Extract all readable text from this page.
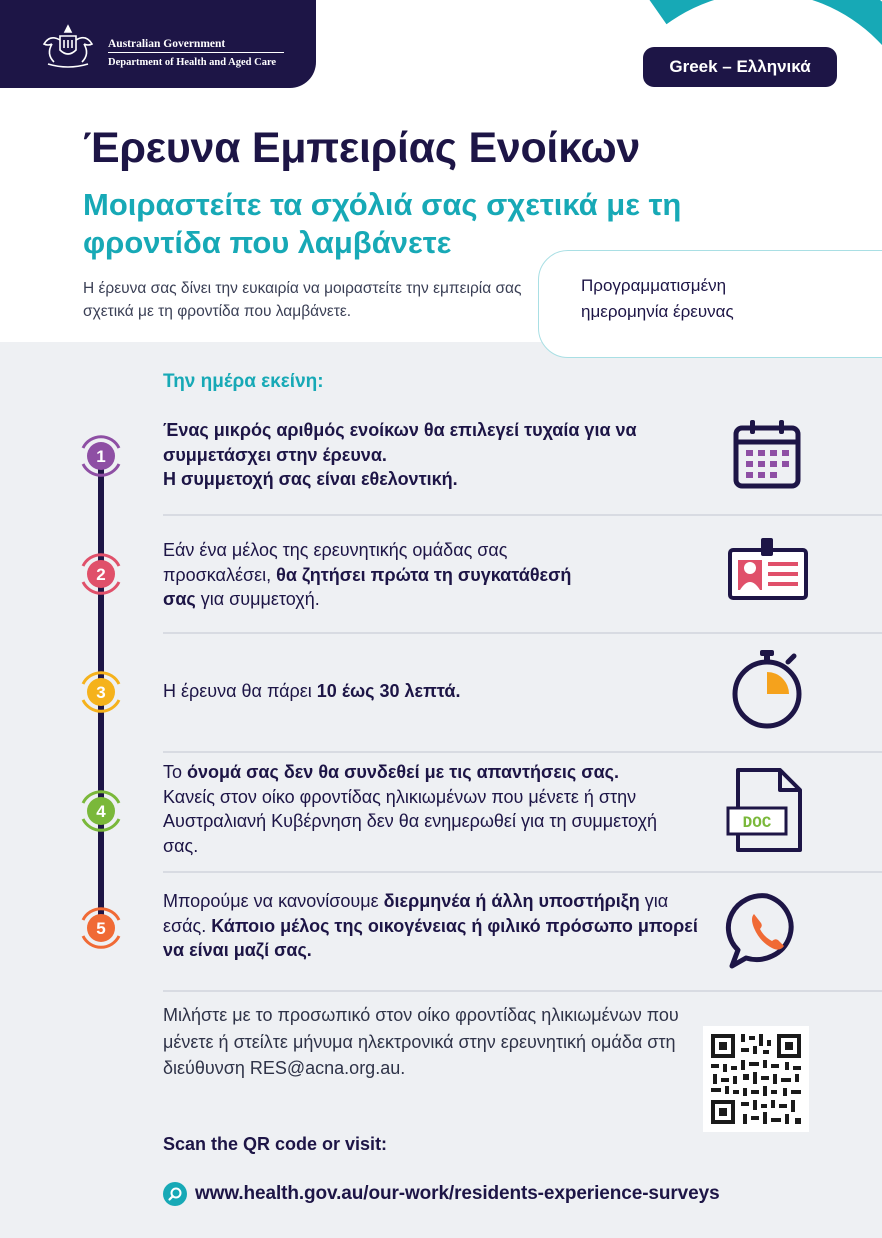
Australian Government
Department of Health and Aged Care	Greek – Ελληνικά
Έρευνα Εμπειρίας Ενοίκων
Μοιραστείτε τα σχόλιά σας σχετικά με τη φροντίδα που λαμβάνετε
Η έρευνα σας δίνει την ευκαιρία να μοιραστείτε την εμπειρία σας σχετικά με τη φροντίδα που λαμβάνετε.
Προγραμματισμένη ημερομηνία έρευνας
Την ημέρα εκείνη:
1
Ένας μικρός αριθμός ενοίκων θα επιλεγεί τυχαία για να συμμετάσχει στην έρευνα.
Η συμμετοχή σας είναι εθελοντική.
2
Εάν ένα μέλος της ερευνητικής ομάδας σας προσκαλέσει, θα ζητήσει πρώτα τη συγκατάθεσή σας για συμμετοχή.
3	Η έρευνα θα πάρει 10 έως 30 λεπτά.
4
Το όνομά σας δεν θα συνδεθεί με τις απαντήσεις σας. Κανείς στον οίκο φροντίδας ηλικιωμένων που μένετε ή στην Αυστραλιανή Κυβέρνηση δεν θα ενημερωθεί για τη συμμετοχή σας.
DOC
5
Μπορούμε να κανονίσουμε διερμηνέα ή άλλη υποστήριξη για εσάς. Κάποιο μέλος της οικογένειας ή φιλικό πρόσωπο μπορεί να είναι μαζί σας.
Μιλήστε με το προσωπικό στον οίκο φροντίδας ηλικιωμένων που μένετε ή στείλτε μήνυμα ηλεκτρονικά στην ερευνητική ομάδα στη διεύθυνση RES@acna.org.au.
Scan the QR code or visit:
www.health.gov.au/our-work/residents-experience-surveys
